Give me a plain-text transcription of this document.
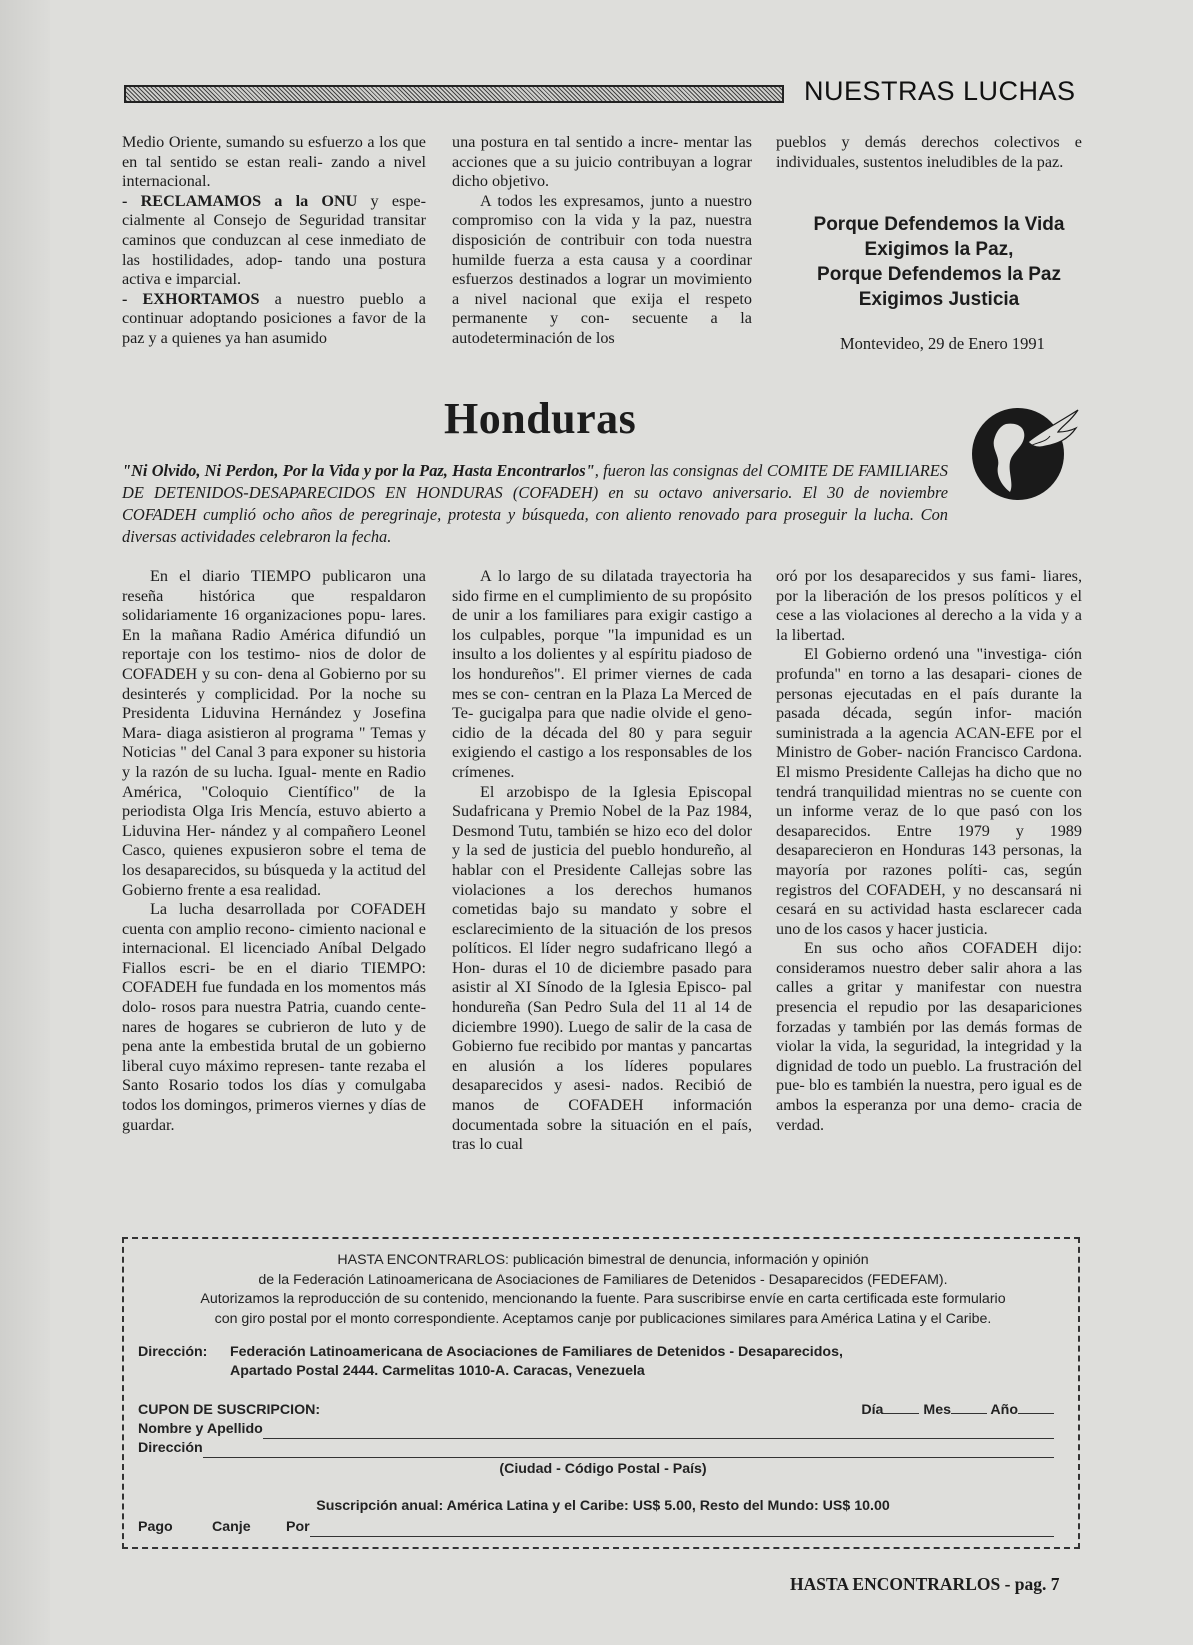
NUESTRAS LUCHAS

Medio Oriente, sumando su esfuerzo a los que en tal sentido se estan reali- zando a nivel internacional.

- RECLAMAMOS a la ONU y espe- cialmente al Consejo de Seguridad transitar caminos que conduzcan al cese inmediato de las hostilidades, adop- tando una postura activa e imparcial.

- EXHORTAMOS a nuestro pueblo a continuar adoptando posiciones a favor de la paz y a quienes ya han asumido

una postura en tal sentido a incre- mentar las acciones que a su juicio contribuyan a lograr dicho objetivo.

A todos les expresamos, junto a nuestro compromiso con la vida y la paz, nuestra disposición de contribuir con toda nuestra humilde fuerza a esta causa y a coordinar esfuerzos destinados a lograr un movimiento a nivel nacional que exija el respeto permanente y con- secuente a la autodeterminación de los

pueblos y demás derechos colectivos e individuales, sustentos ineludibles de la paz.

Porque Defendemos la Vida
Exigimos la Paz,
Porque Defendemos la Paz
Exigimos Justicia
Montevideo, 29 de Enero 1991
Honduras
"Ni Olvido, Ni Perdon, Por la Vida y por la Paz, Hasta Encontrarlos", fueron las consignas del COMITE DE FAMILIARES DE DETENIDOS-DESAPARECIDOS EN HONDURAS (COFADEH) en su octavo aniversario. El 30 de noviembre COFADEH cumplió ocho años de peregrinaje, protesta y búsqueda, con aliento renovado para proseguir la lucha. Con diversas actividades celebraron la fecha.

En el diario TIEMPO publicaron una reseña histórica que respaldaron solidariamente 16 organizaciones popu- lares. En la mañana Radio América difundió un reportaje con los testimo- nios de dolor de COFADEH y su con- dena al Gobierno por su desinterés y complicidad. Por la noche su Presidenta Liduvina Hernández y Josefina Mara- diaga asistieron al programa " Temas y Noticias " del Canal 3 para exponer su historia y la razón de su lucha. Igual- mente en Radio América, "Coloquio Científico" de la periodista Olga Iris Mencía, estuvo abierto a Liduvina Her- nández y al compañero Leonel Casco, quienes expusieron sobre el tema de los desaparecidos, su búsqueda y la actitud del Gobierno frente a esa realidad.

La lucha desarrollada por COFADEH cuenta con amplio recono- cimiento nacional e internacional. El licenciado Aníbal Delgado Fiallos escri- be en el diario TIEMPO: COFADEH fue fundada en los momentos más dolo- rosos para nuestra Patria, cuando cente- nares de hogares se cubrieron de luto y de pena ante la embestida brutal de un gobierno liberal cuyo máximo represen- tante rezaba el Santo Rosario todos los días y comulgaba todos los domingos, primeros viernes y días de guardar.

A lo largo de su dilatada trayectoria ha sido firme en el cumplimiento de su propósito de unir a los familiares para exigir castigo a los culpables, porque "la impunidad es un insulto a los dolientes y al espíritu piadoso de los hondureños". El primer viernes de cada mes se con- centran en la Plaza La Merced de Te- gucigalpa para que nadie olvide el geno- cidio de la década del 80 y para seguir exigiendo el castigo a los responsables de los crímenes.

El arzobispo de la Iglesia Episcopal Sudafricana y Premio Nobel de la Paz 1984, Desmond Tutu, también se hizo eco del dolor y la sed de justicia del pueblo hondureño, al hablar con el Presidente Callejas sobre las violaciones a los derechos humanos cometidas bajo su mandato y sobre el esclarecimiento de la situación de los presos políticos. El líder negro sudafricano llegó a Hon- duras el 10 de diciembre pasado para asistir al XI Sínodo de la Iglesia Episco- pal hondureña (San Pedro Sula del 11 al 14 de diciembre 1990). Luego de salir de la casa de Gobierno fue recibido por mantas y pancartas en alusión a los líderes populares desaparecidos y asesi- nados. Recibió de manos de COFADEH información documentada sobre la situación en el país, tras lo cual

oró por los desaparecidos y sus fami- liares, por la liberación de los presos políticos y el cese a las violaciones al derecho a la vida y a la libertad.

El Gobierno ordenó una "investiga- ción profunda" en torno a las desapari- ciones de personas ejecutadas en el país durante la pasada década, según infor- mación suministrada a la agencia ACAN-EFE por el Ministro de Gober- nación Francisco Cardona. El mismo Presidente Callejas ha dicho que no tendrá tranquilidad mientras no se cuente con un informe veraz de lo que pasó con los desaparecidos. Entre 1979 y 1989 desaparecieron en Honduras 143 personas, la mayoría por razones políti- cas, según registros del COFADEH, y no descansará ni cesará en su actividad hasta esclarecer cada uno de los casos y hacer justicia.

En sus ocho años COFADEH dijo: consideramos nuestro deber salir ahora a las calles a gritar y manifestar con nuestra presencia el repudio por las desapariciones forzadas y también por las demás formas de violar la vida, la seguridad, la integridad y la dignidad de todo un pueblo. La frustración del pue- blo es también la nuestra, pero igual es de ambos la esperanza por una demo- cracia de verdad.

HASTA ENCONTRARLOS: publicación bimestral de denuncia, información y opinión
de la Federación Latinoamericana de Asociaciones de Familiares de Detenidos - Desaparecidos (FEDEFAM).
Autorizamos la reproducción de su contenido, mencionando la fuente. Para suscribirse envíe en carta certificada este formulario
con giro postal por el monto correspondiente. Aceptamos canje por publicaciones similares para América Latina y el Caribe.
Dirección: Federación Latinoamericana de Asociaciones de Familiares de Detenidos - Desaparecidos,
Apartado Postal 2444. Carmelitas 1010-A. Caracas, Venezuela
CUPON DE SUSCRIPCION:	Día	Mes	Año
Nombre y Apellido
Dirección
(Ciudad - Código Postal - País)
Suscripción anual: América Latina y el Caribe: US$ 5.00, Resto del Mundo: US$ 10.00
Pago	Canje	Por
HASTA ENCONTRARLOS - pag. 7
